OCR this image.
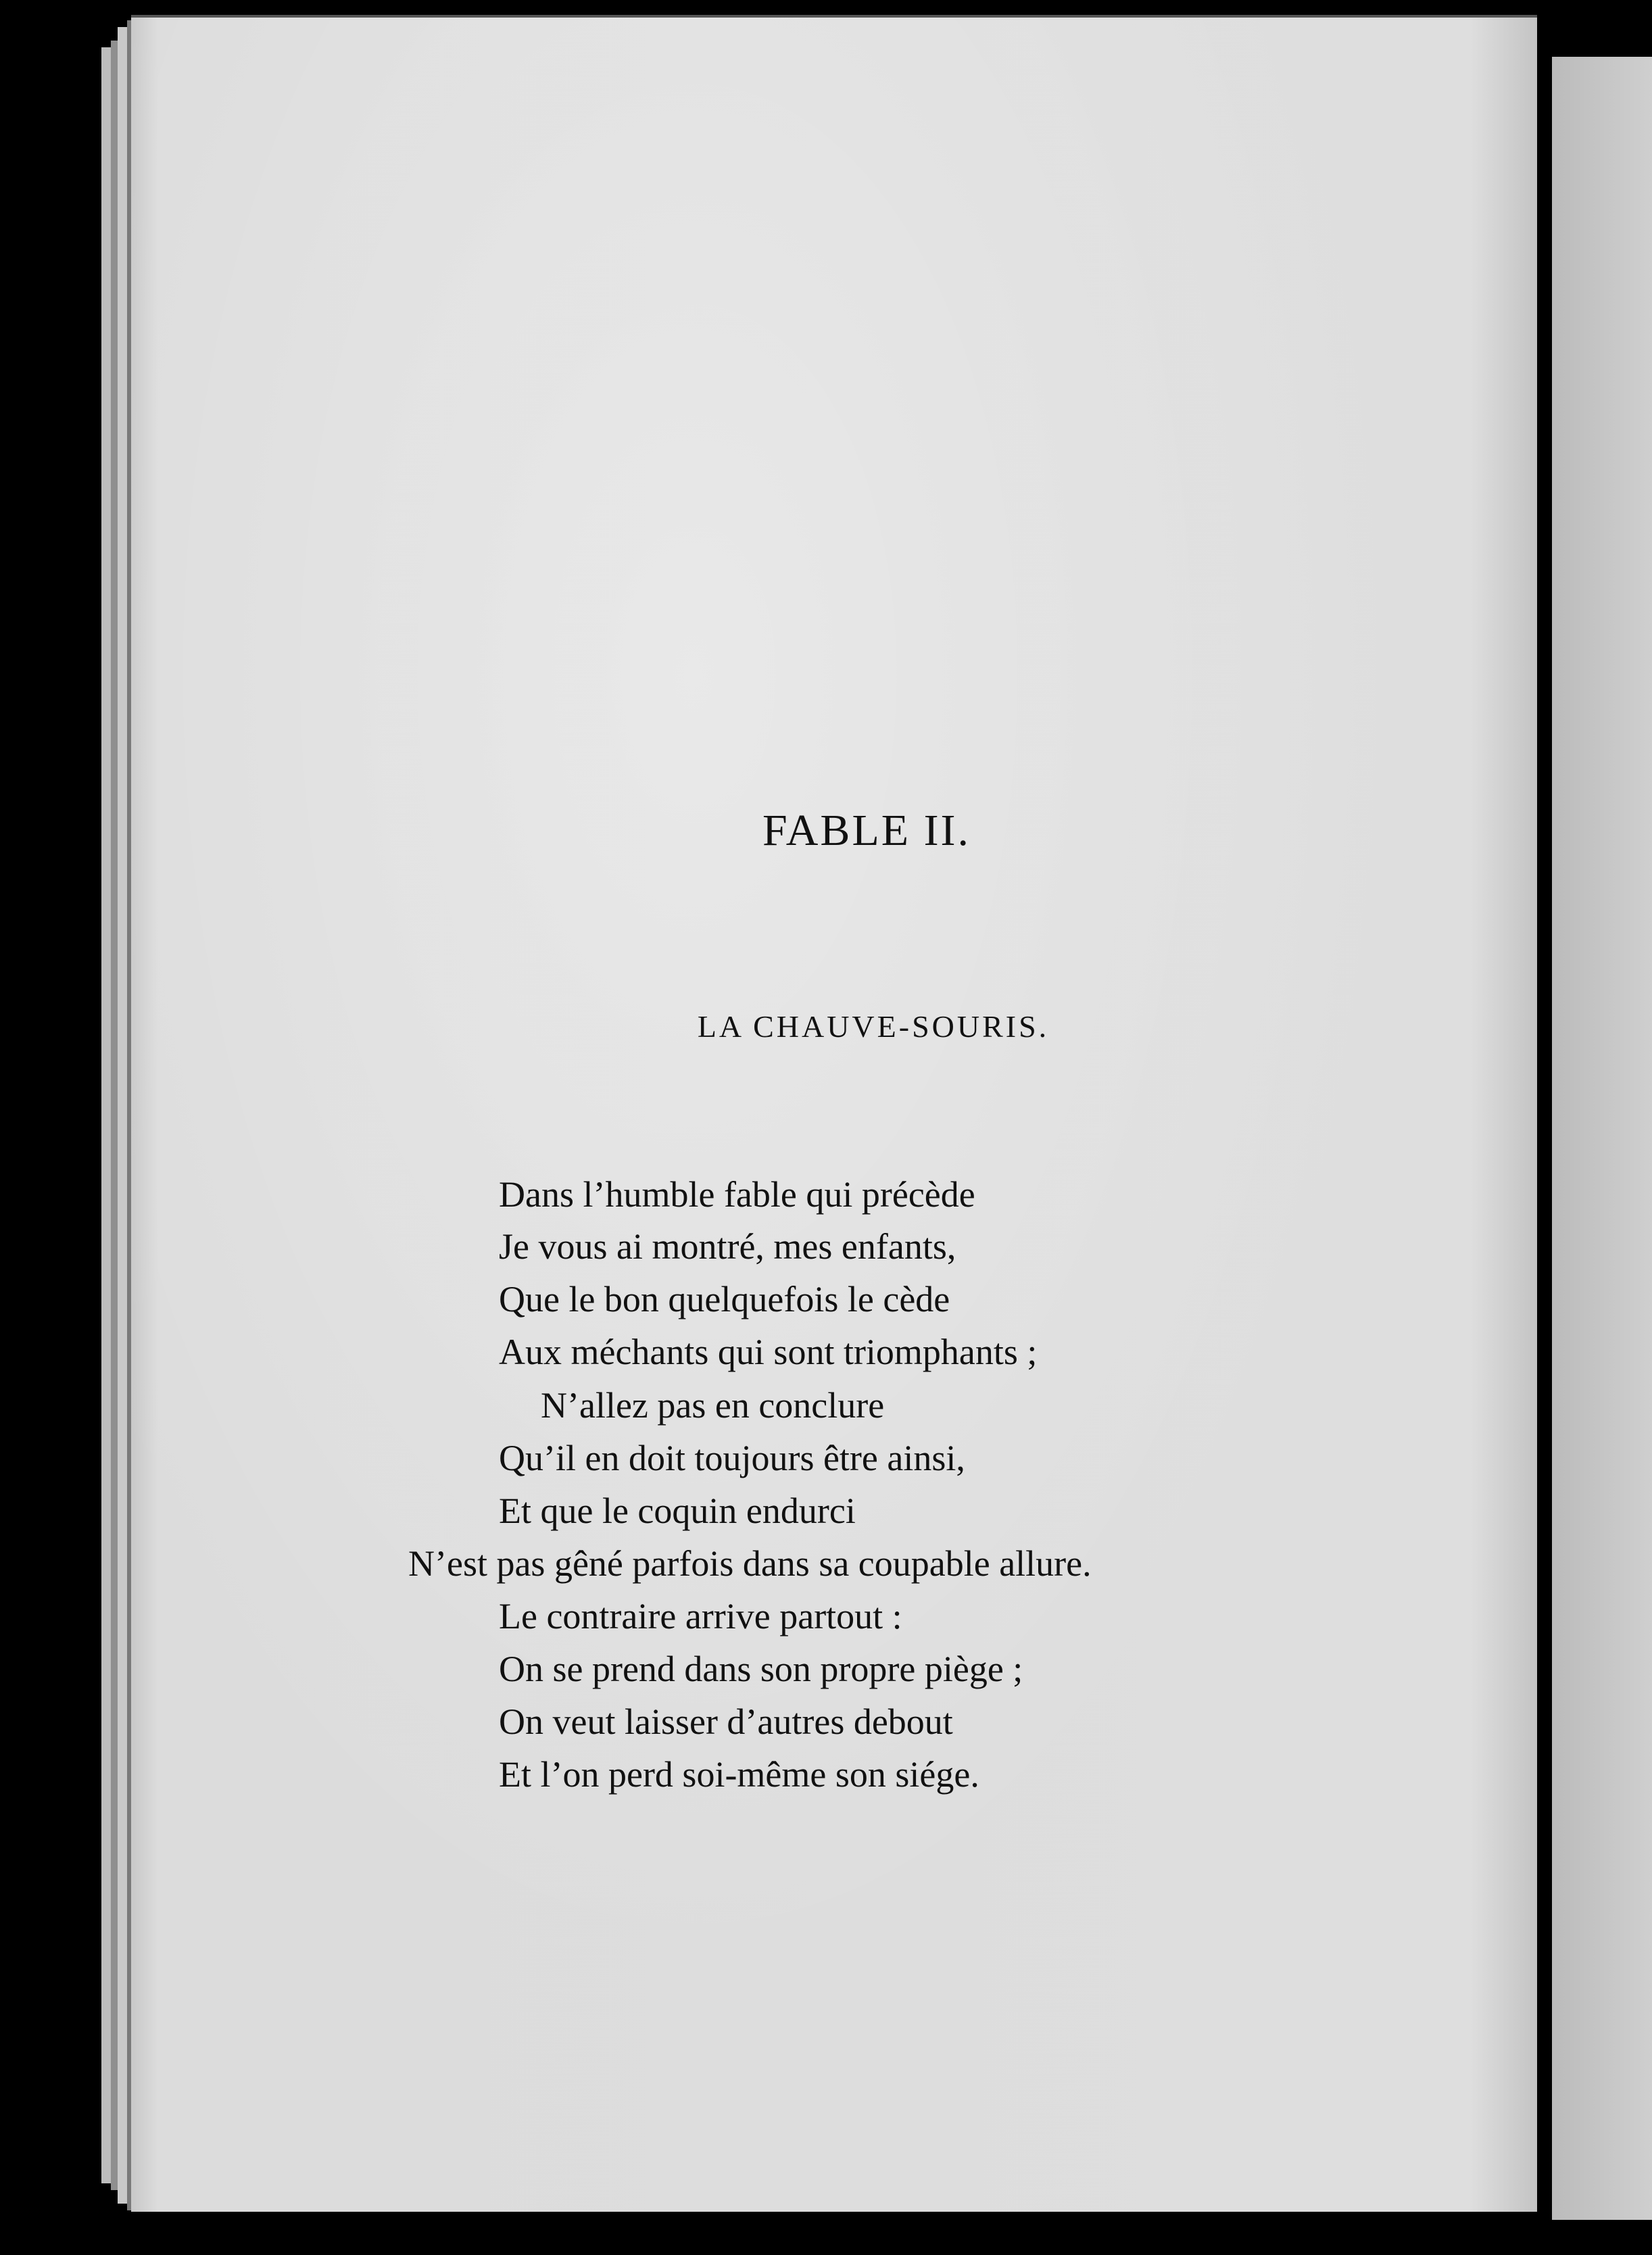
FABLE II.
LA CHAUVE-SOURIS.
Dans l’humble fable qui précède
Je vous ai montré, mes enfants,
Que le bon quelquefois le cède
Aux méchants qui sont triomphants ;
N’allez pas en conclure
Qu’il en doit toujours être ainsi,
Et que le coquin endurci
N’est pas gêné parfois dans sa coupable allure.
Le contraire arrive partout :
On se prend dans son propre piège ;
On veut laisser d’autres debout
Et l’on perd soi-même son siége.
